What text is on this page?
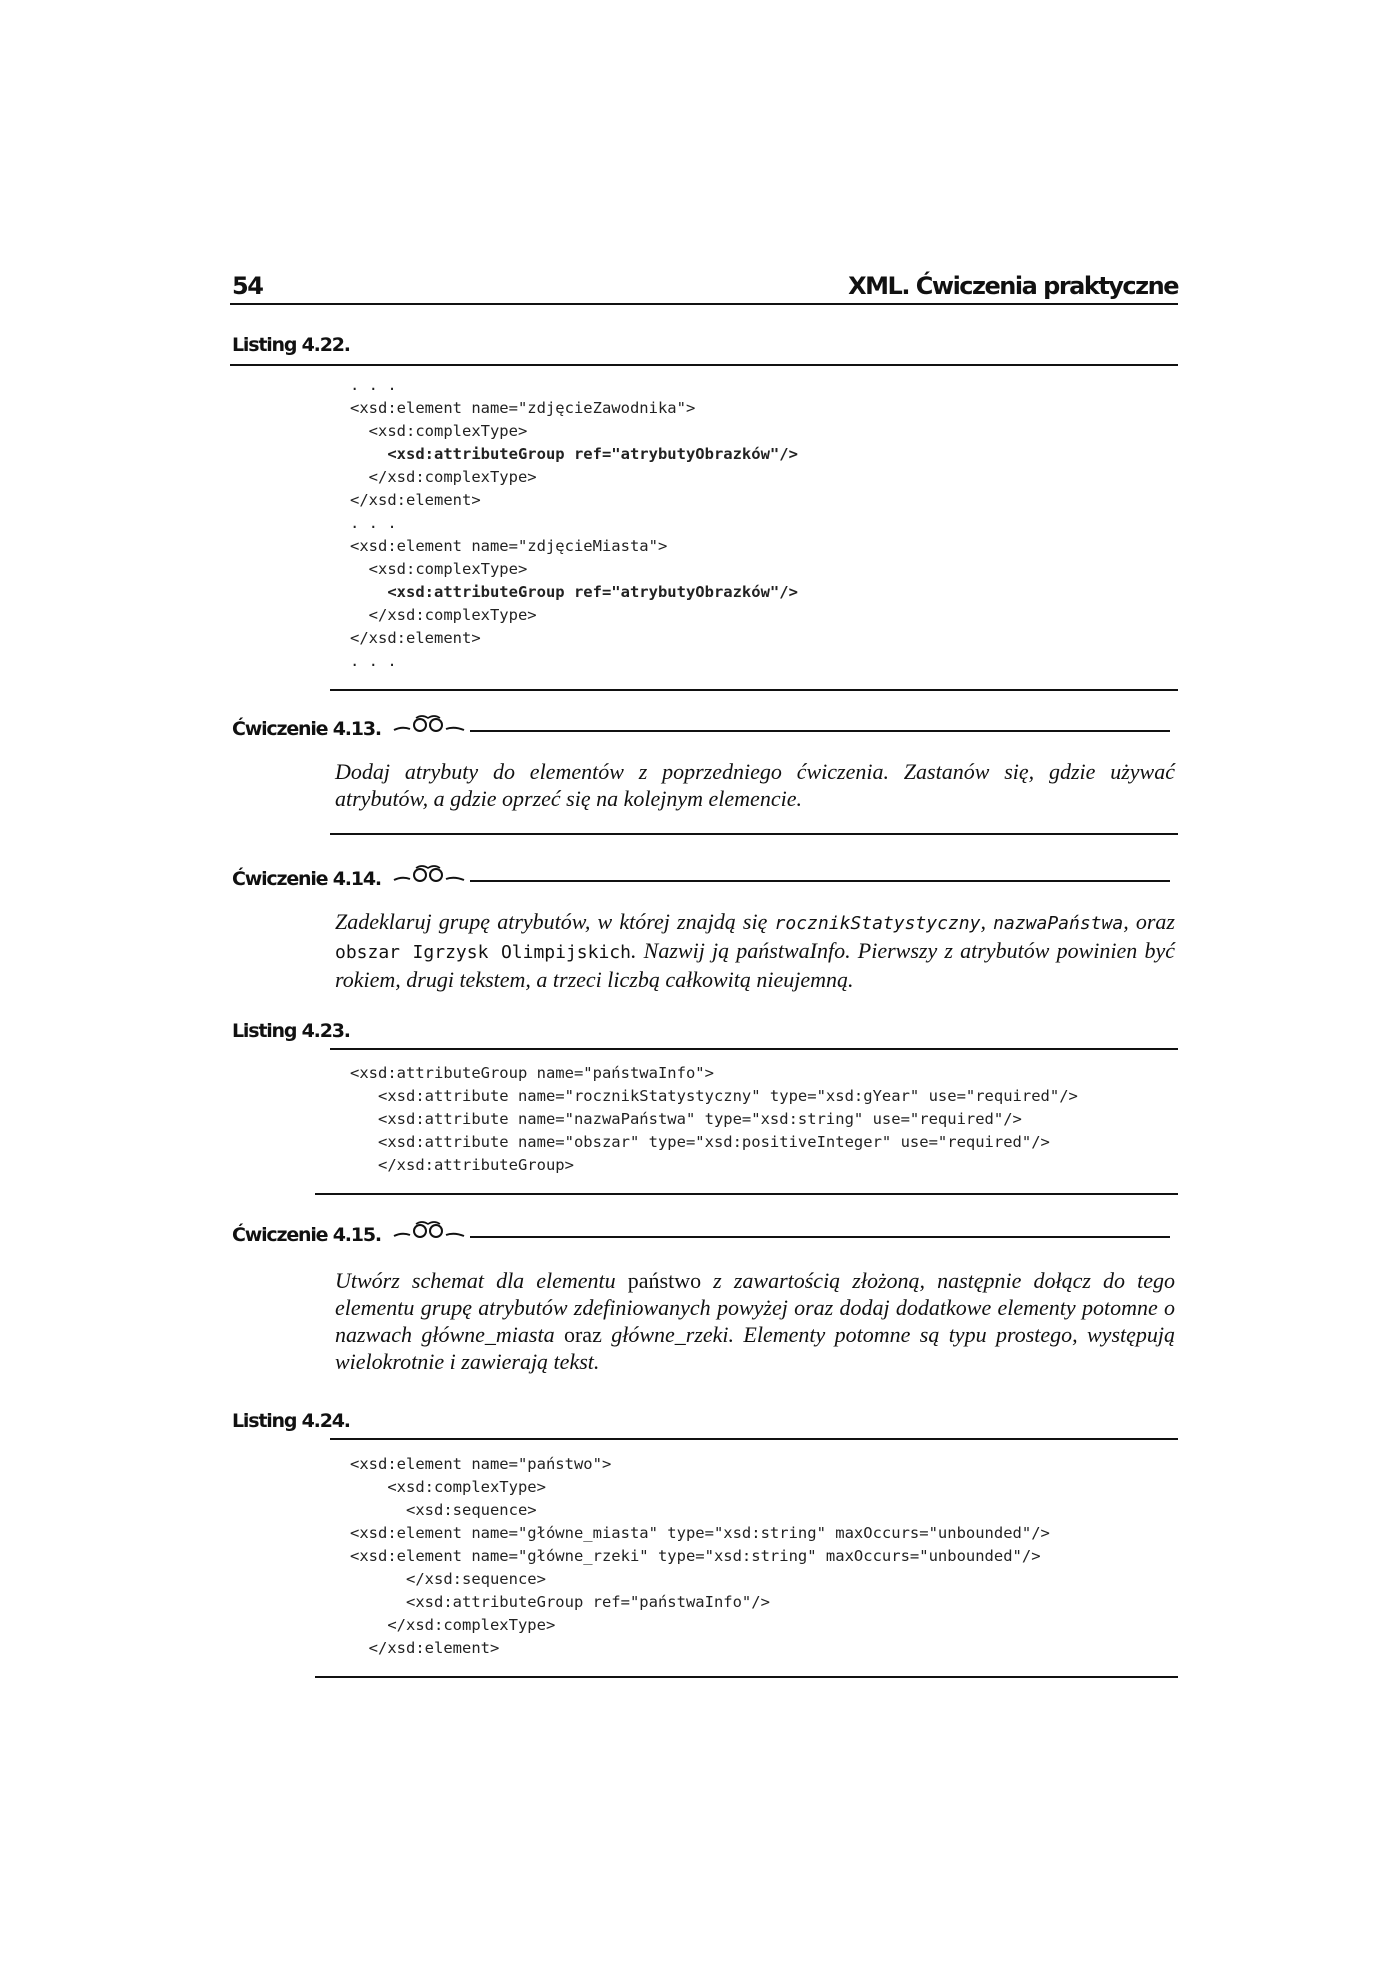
54	XML. Ćwiczenia praktyczne
Listing 4.22.
. . .
<xsd:element name="zdjęcieZawodnika">
<xsd:complexType>
<xsd:attributeGroup ref="atrybutyObrazków"/>
</xsd:complexType>
</xsd:element>
. . .
<xsd:element name="zdjęcieMiasta">
<xsd:complexType>
<xsd:attributeGroup ref="atrybutyObrazków"/>
</xsd:complexType>
</xsd:element>
. . .
Ćwiczenie 4.13.
Dodaj atrybuty do elementów z poprzedniego ćwiczenia. Zastanów się, gdzie używać atrybutów, a gdzie oprzeć się na kolejnym elemencie.
Ćwiczenie 4.14.
Zadeklaruj grupę atrybutów, w której znajdą się rocznikStatystyczny, nazwaPaństwa, oraz obszar Igrzysk Olimpijskich. Nazwij ją państwaInfo. Pierwszy z atrybutów powinien być rokiem, drugi tekstem, a trzeci liczbą całkowitą nieujemną.
Listing 4.23.
<xsd:attributeGroup name="państwaInfo">
<xsd:attribute name="rocznikStatystyczny" type="xsd:gYear" use="required"/>
<xsd:attribute name="nazwaPaństwa" type="xsd:string" use="required"/>
<xsd:attribute name="obszar" type="xsd:positiveInteger" use="required"/>
</xsd:attributeGroup>
Ćwiczenie 4.15.
Utwórz schemat dla elementu państwo z zawartością złożoną, następnie dołącz do tego elementu grupę atrybutów zdefiniowanych powyżej oraz dodaj dodatkowe elementy potomne o nazwach główne_miasta oraz główne_rzeki. Elementy potomne są typu prostego, występują wielokrotnie i zawierają tekst.
Listing 4.24.
<xsd:element name="państwo">
<xsd:complexType>
<xsd:sequence>
<xsd:element name="główne_miasta" type="xsd:string" maxOccurs="unbounded"/>
<xsd:element name="główne_rzeki" type="xsd:string" maxOccurs="unbounded"/>
</xsd:sequence>
<xsd:attributeGroup ref="państwaInfo"/>
</xsd:complexType>
</xsd:element>
